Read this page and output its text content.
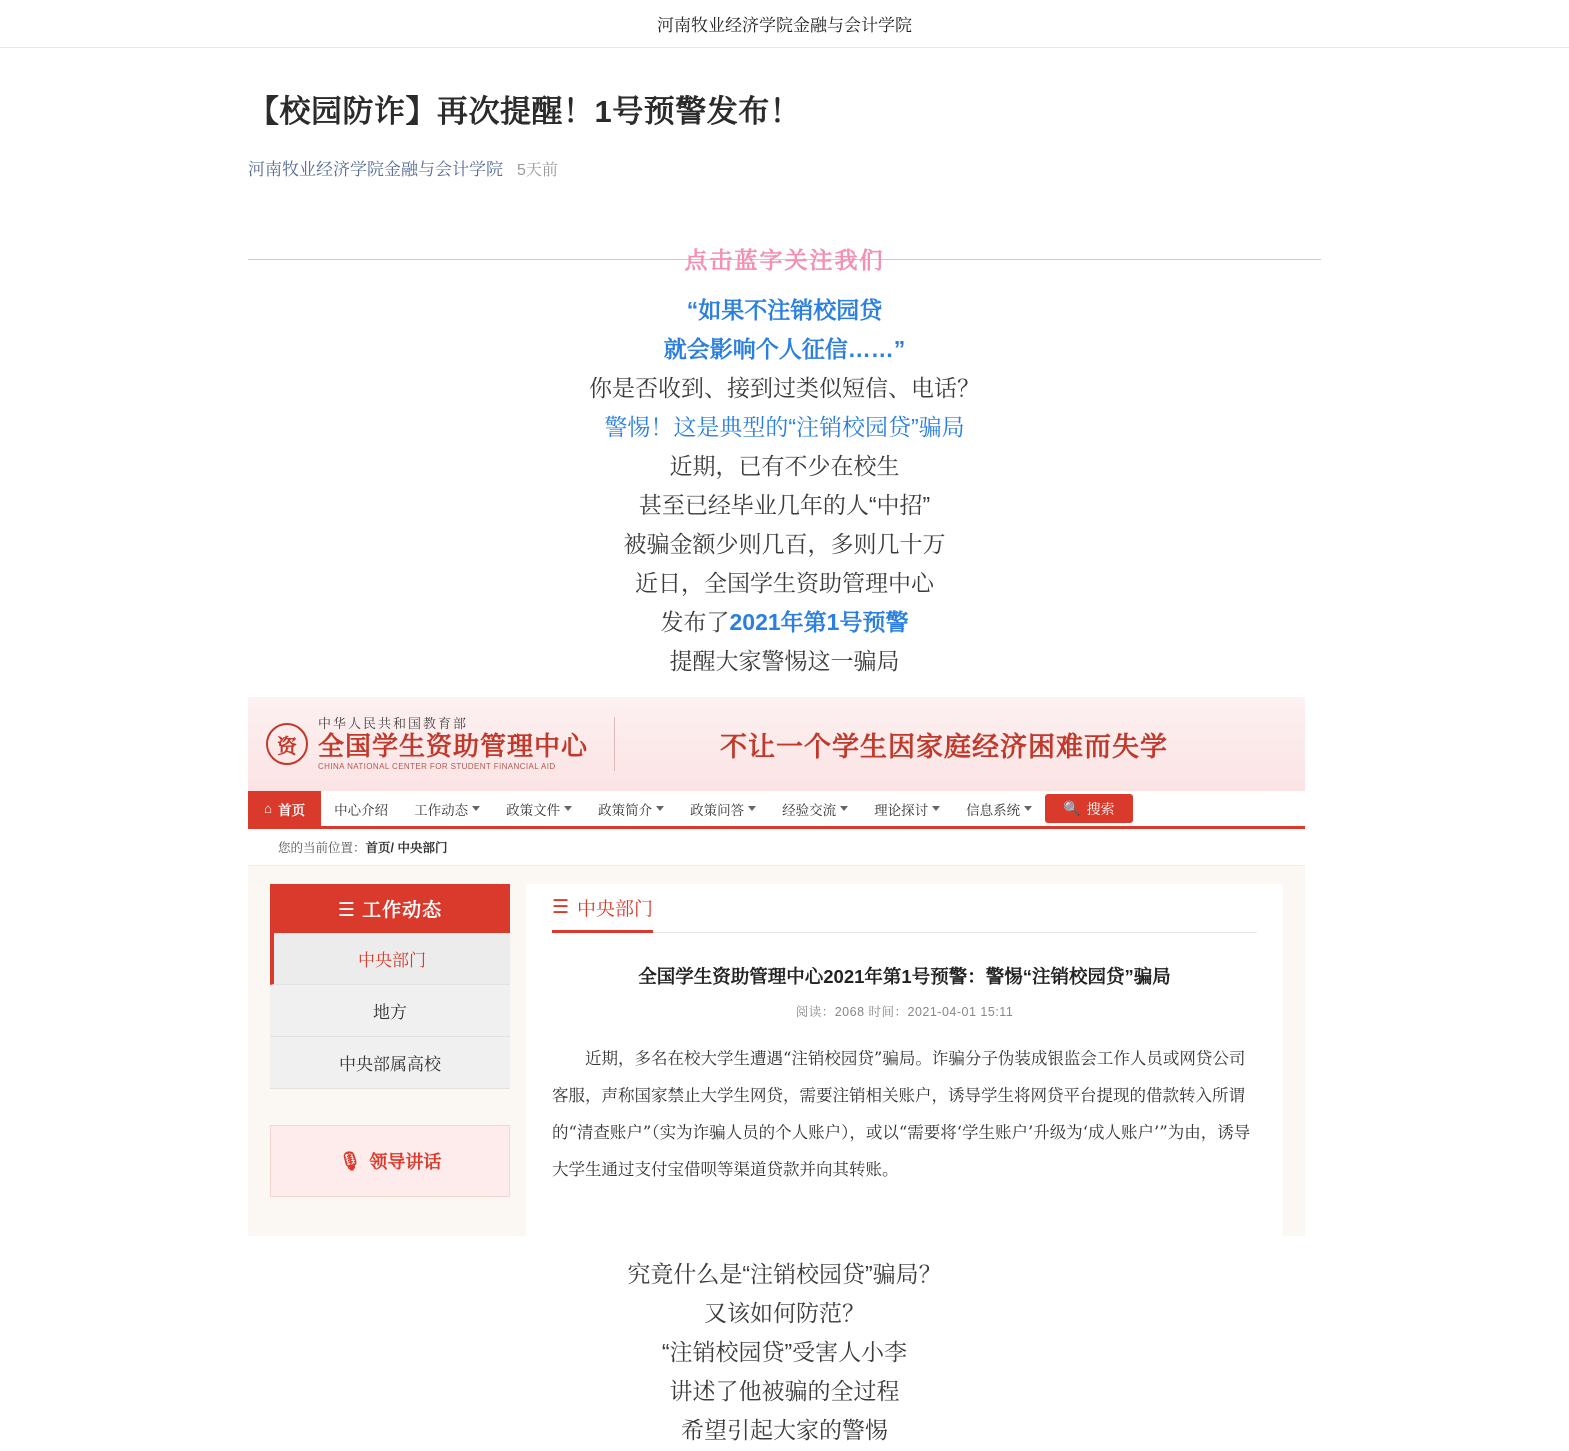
河南牧业经济学院金融与会计学院
【校园防诈】再次提醒！1号预警发布！
河南牧业经济学院金融与会计学院 5天前
点击蓝字关注我们
“如果不注销校园贷
就会影响个人征信……”
你是否收到、接到过类似短信、电话？
警惕！这是典型的“注销校园贷”骗局
近期，已有不少在校生
甚至已经毕业几年的人“中招”
被骗金额少则几百，多则几十万
近日，全国学生资助管理中心
发布了2021年第1号预警
提醒大家警惕这一骗局
资
中华人民共和国教育部
全国学生资助管理中心
CHINA NATIONAL CENTER FOR STUDENT FINANCIAL AID
不让一个学生因家庭经济困难而失学
⌂ 首页 中心介绍 工作动态	政策文件	政策简介	政策问答	经验交流	理论探讨	信息系统	🔍 搜索
您的当前位置：首页/ 中央部门
☰ 工作动态
中央部门
地方
中央部属高校
🎙 领导讲话
☰ 中央部门
全国学生资助管理中心2021年第1号预警：警惕“注销校园贷”骗局
阅读：2068 时间：2021-04-01 15:11
近期，多名在校大学生遭遇“注销校园贷”骗局。诈骗分子伪装成银监会工作人员或网贷公司客服，声称国家禁止大学生网贷，需要注销相关账户，诱导学生将网贷平台提现的借款转入所谓的“清查账户”（实为诈骗人员的个人账户），或以“需要将‘学生账户’升级为‘成人账户’”为由，诱导大学生通过支付宝借呗等渠道贷款并向其转账。
究竟什么是“注销校园贷”骗局？
又该如何防范？
“注销校园贷”受害人小李
讲述了他被骗的全过程
希望引起大家的警惕
